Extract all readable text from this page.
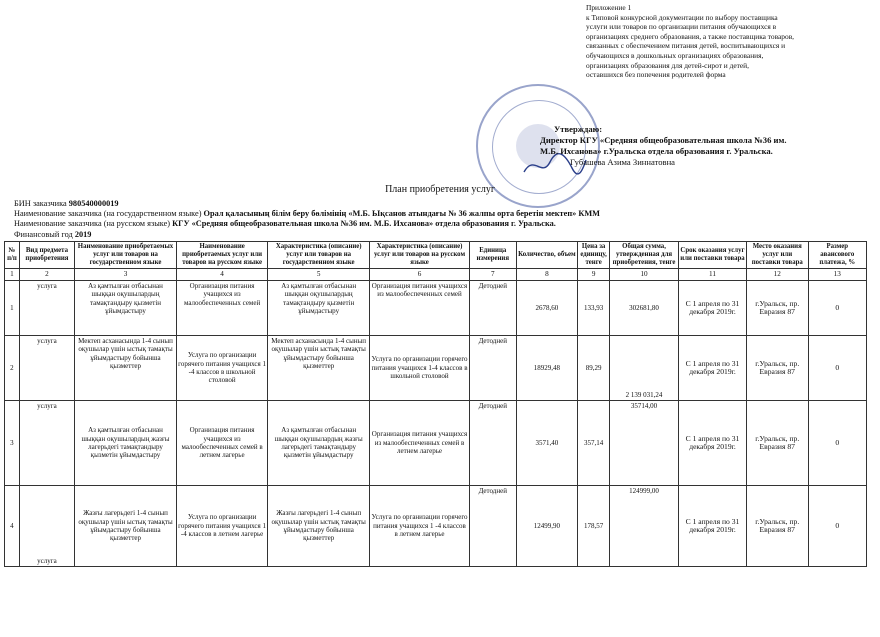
Приложение 1
к Типовой конкурсной документации по выбору поставщика
услуги или товаров по организации питания обучающихся в
организациях среднего образования, а также поставщика товаров,
связанных с обеспечением питания детей, воспитывающихся и
обучающихся в дошкольных организациях образования,
организациях образования для детей-сирот и детей,
оставшихся без попечения родителей форма
Утверждаю:
Директор КГУ «Средняя общеобразовательная школа №36 им.
М.Б. Ихсанова» г.Уральска отдела образования г. Уральска.
Губашева Азима Зиннатовна
План приобретения услуг
БИН заказчика 980540000019
Наименование заказчика (на государственном языке) Орал қаласының білім беру бөлімінің «М.Б. Ықсанов атындағы № 36 жалпы орта беретін мектеп» КММ
Наименование заказчика (на русском языке) КГУ «Средняя общеобразовательная школа №36 им. М.Б. Ихсанова» отдела образования г. Уральска.
Финансовый год 2019
№ п/п	Вид предмета приобретения	Наименование приобретаемых услуг или товаров на государственном языке	Наименование приобретаемых услуг или товаров на русском языке	Характеристика (описание) услуг или товаров на государственном языке	Характеристика (описание) услуг или товаров на русском языке	Единица измерения	Количество, объем	Цена за единицу, тенге	Общая сумма, утвержденная для приобретения, тенге	Срок оказания услуг или поставки товара	Место оказания услуг или поставки товара	Размер авансового платежа, %
1	2	3	4	5	6	7	8	9	10	11	12	13
1	услуга	Аз қамтылған отбасынан шыққан оқушылардың тамақтандыру қызметін ұйымдастыру	Организация питания учащихся из малообеспеченных семей	Аз қамтылған отбасынан шыққан оқушылардың тамақтандыру қызметін ұйымдастыру	Организация питания учащихся из малообеспеченных семей	Детодней	2678,60	133,93	302681,80	С 1 апреля по 31 декабря 2019г.	г.Уральск, пр. Евразия 87	0
2	услуга	Мектеп асханасында 1-4 сынып оқушылар үшін ыстық тамақты ұйымдастыру бойынша қызметтер	Услуга по организации горячего питания учащихся 1 -4 классов в школьной столовой	Мектеп асханасында 1-4 сынып оқушылар үшін ыстық тамақты ұйымдастыру бойынша қызметтер	Услуга по организации горячего питания учащихся 1-4 классов в школьной столовой	Детодней	18929,48	89,29	2 139 031,24	С 1 апреля по 31 декабря 2019г.	г.Уральск, пр. Евразия 87	0
3	услуга	Аз қамтылған отбасынан шыққан оқушылардың жазғы лагерьдегі тамақтандыру қызметін ұйымдастыру	Организация питания учащихся из малообеспеченных семей в летнем лагерье	Аз қамтылған отбасынан шыққан оқушылардың жазғы лагерьдегі тамақтандыру қызметін ұйымдастыру	Организация питания учащихся из малообеспеченных семей в летнем лагерье	Детодней	3571,40	357,14	35714,00	С 1 апреля по 31 декабря 2019г.	г.Уральск, пр. Евразия 87	0
4	услуга	Жазғы лагерьдегі 1-4 сынып оқушылар үшін ыстық тамақты ұйымдастыру бойынша қызметтер	Услуга по организации горячего питания учащихся 1 -4 классов в летнем лагерье	Жазғы лагерьдегі 1-4 сынып оқушылар үшін ыстық тамақты ұйымдастыру бойынша қызметтер	Услуга по организации горячего питания учащихся 1 -4 классов в летнем лагерье	Детодней	12499,90	178,57	124999,00	С 1 апреля по 31 декабря 2019г.	г.Уральск, пр. Евразия 87	0
